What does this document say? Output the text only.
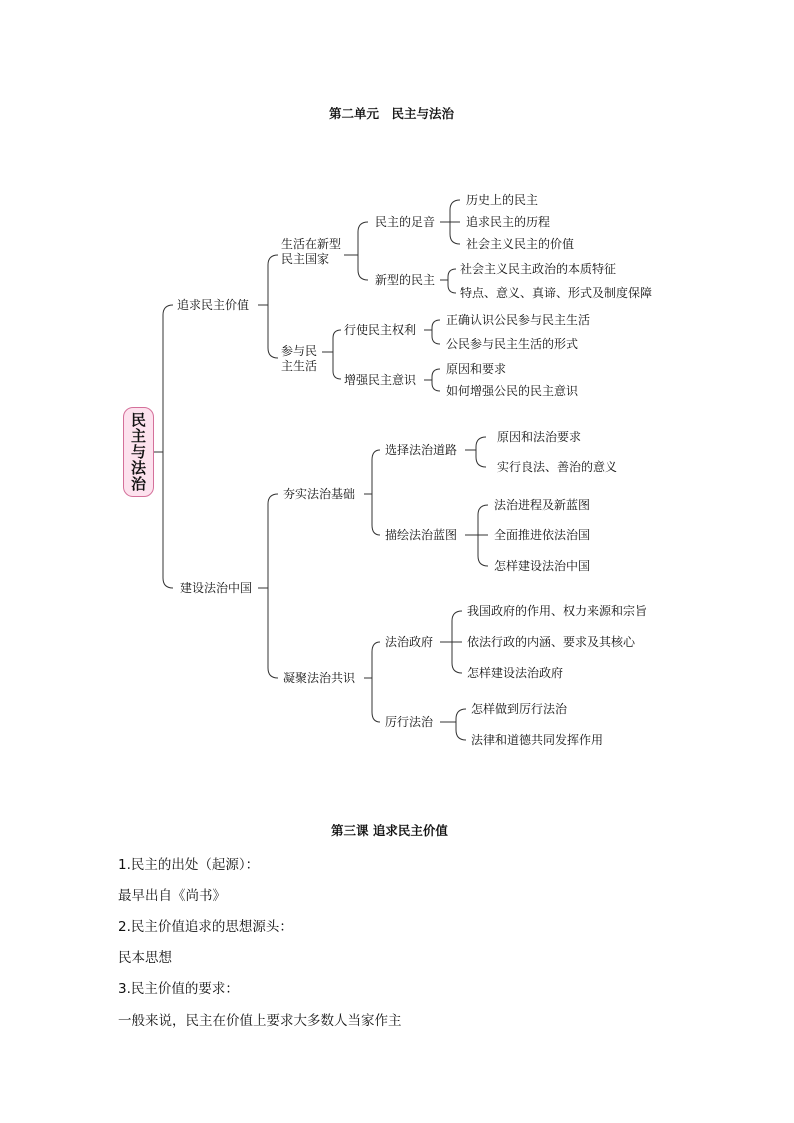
第二单元　民主与法治
追求民主价值
建设法治中国
生活在新型
民主国家
参与民
主生活
民主的足音
新型的民主
行使民主权利
增强民主意识
历史上的民主
追求民主的历程
社会主义民主的价值
社会主义民主政治的本质特征
特点、意义、真谛、形式及制度保障
正确认识公民参与民主生活
公民参与民主生活的形式
原因和要求
如何增强公民的民主意识
夯实法治基础
凝聚法治共识
选择法治道路
描绘法治蓝图
法治政府
厉行法治
原因和法治要求
实行良法、善治的意义
法治进程及新蓝图
全面推进依法治国
怎样建设法治中国
我国政府的作用、权力来源和宗旨
依法行政的内涵、要求及其核心
怎样建设法治政府
怎样做到厉行法治
法律和道德共同发挥作用
民主与法治
第三课 追求民主价值
1.民主的出处（起源）：
最早出自《尚书》
2.民主价值追求的思想源头：
民本思想
3.民主价值的要求：
一般来说，民主在价值上要求大多数人当家作主
